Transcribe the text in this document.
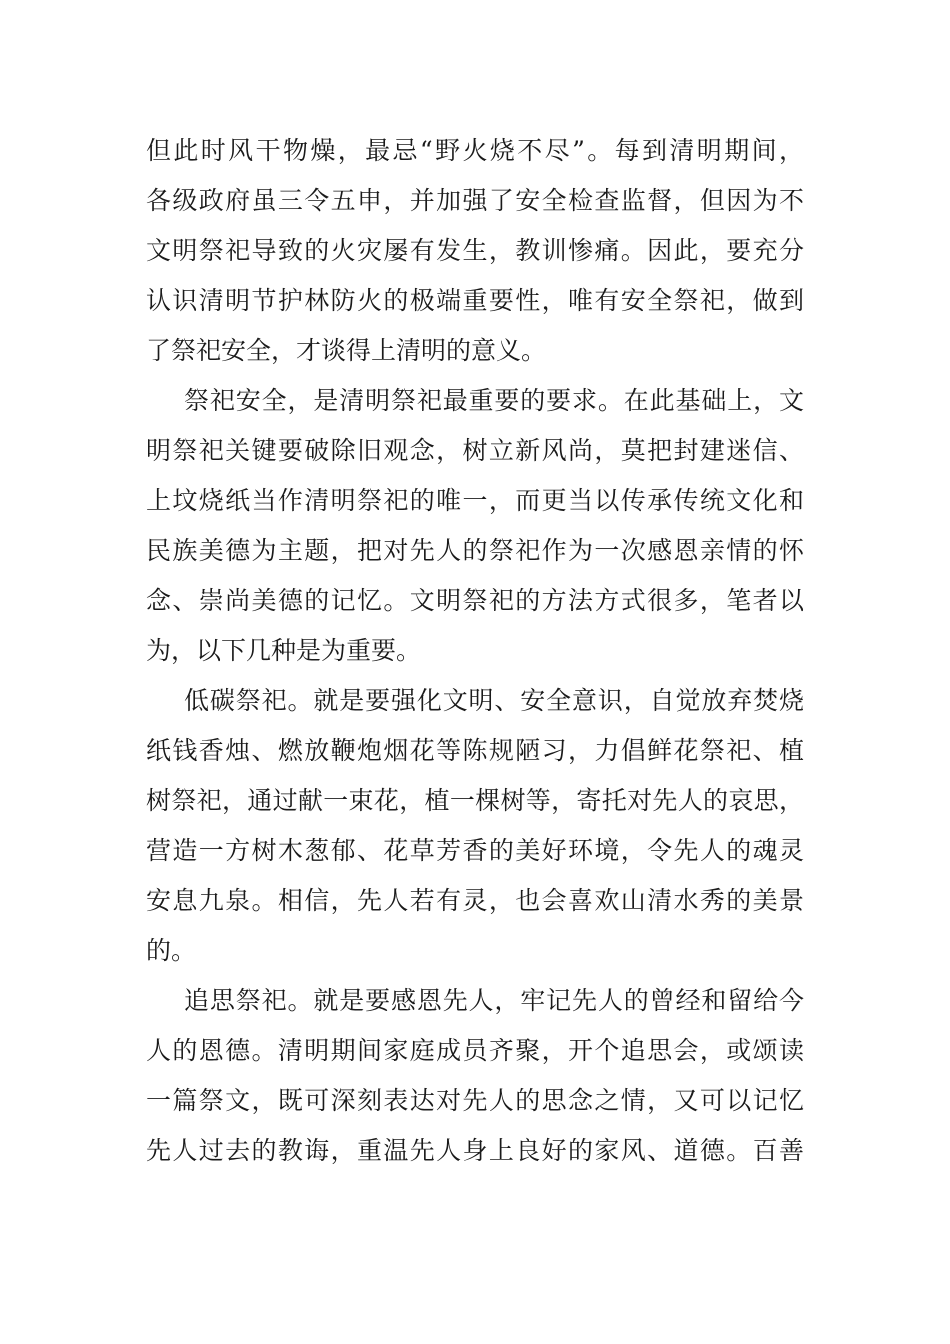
但此时风干物燥，最忌“野火烧不尽”。每到清明期间，
各级政府虽三令五申，并加强了安全检查监督，但因为不
文明祭祀导致的火灾屡有发生，教训惨痛。因此，要充分
认识清明节护林防火的极端重要性，唯有安全祭祀，做到
了祭祀安全，才谈得上清明的意义。
祭祀安全，是清明祭祀最重要的要求。在此基础上，文
明祭祀关键要破除旧观念，树立新风尚，莫把封建迷信、
上坟烧纸当作清明祭祀的唯一，而更当以传承传统文化和
民族美德为主题，把对先人的祭祀作为一次感恩亲情的怀
念、崇尚美德的记忆。文明祭祀的方法方式很多，笔者以
为，以下几种是为重要。
低碳祭祀。就是要强化文明、安全意识，自觉放弃焚烧
纸钱香烛、燃放鞭炮烟花等陈规陋习，力倡鲜花祭祀、植
树祭祀，通过献一束花，植一棵树等，寄托对先人的哀思，
营造一方树木葱郁、花草芳香的美好环境，令先人的魂灵
安息九泉。相信，先人若有灵，也会喜欢山清水秀的美景
的。
追思祭祀。就是要感恩先人，牢记先人的曾经和留给今
人的恩德。清明期间家庭成员齐聚，开个追思会，或颂读
一篇祭文，既可深刻表达对先人的思念之情，又可以记忆
先人过去的教诲，重温先人身上良好的家风、道德。百善
